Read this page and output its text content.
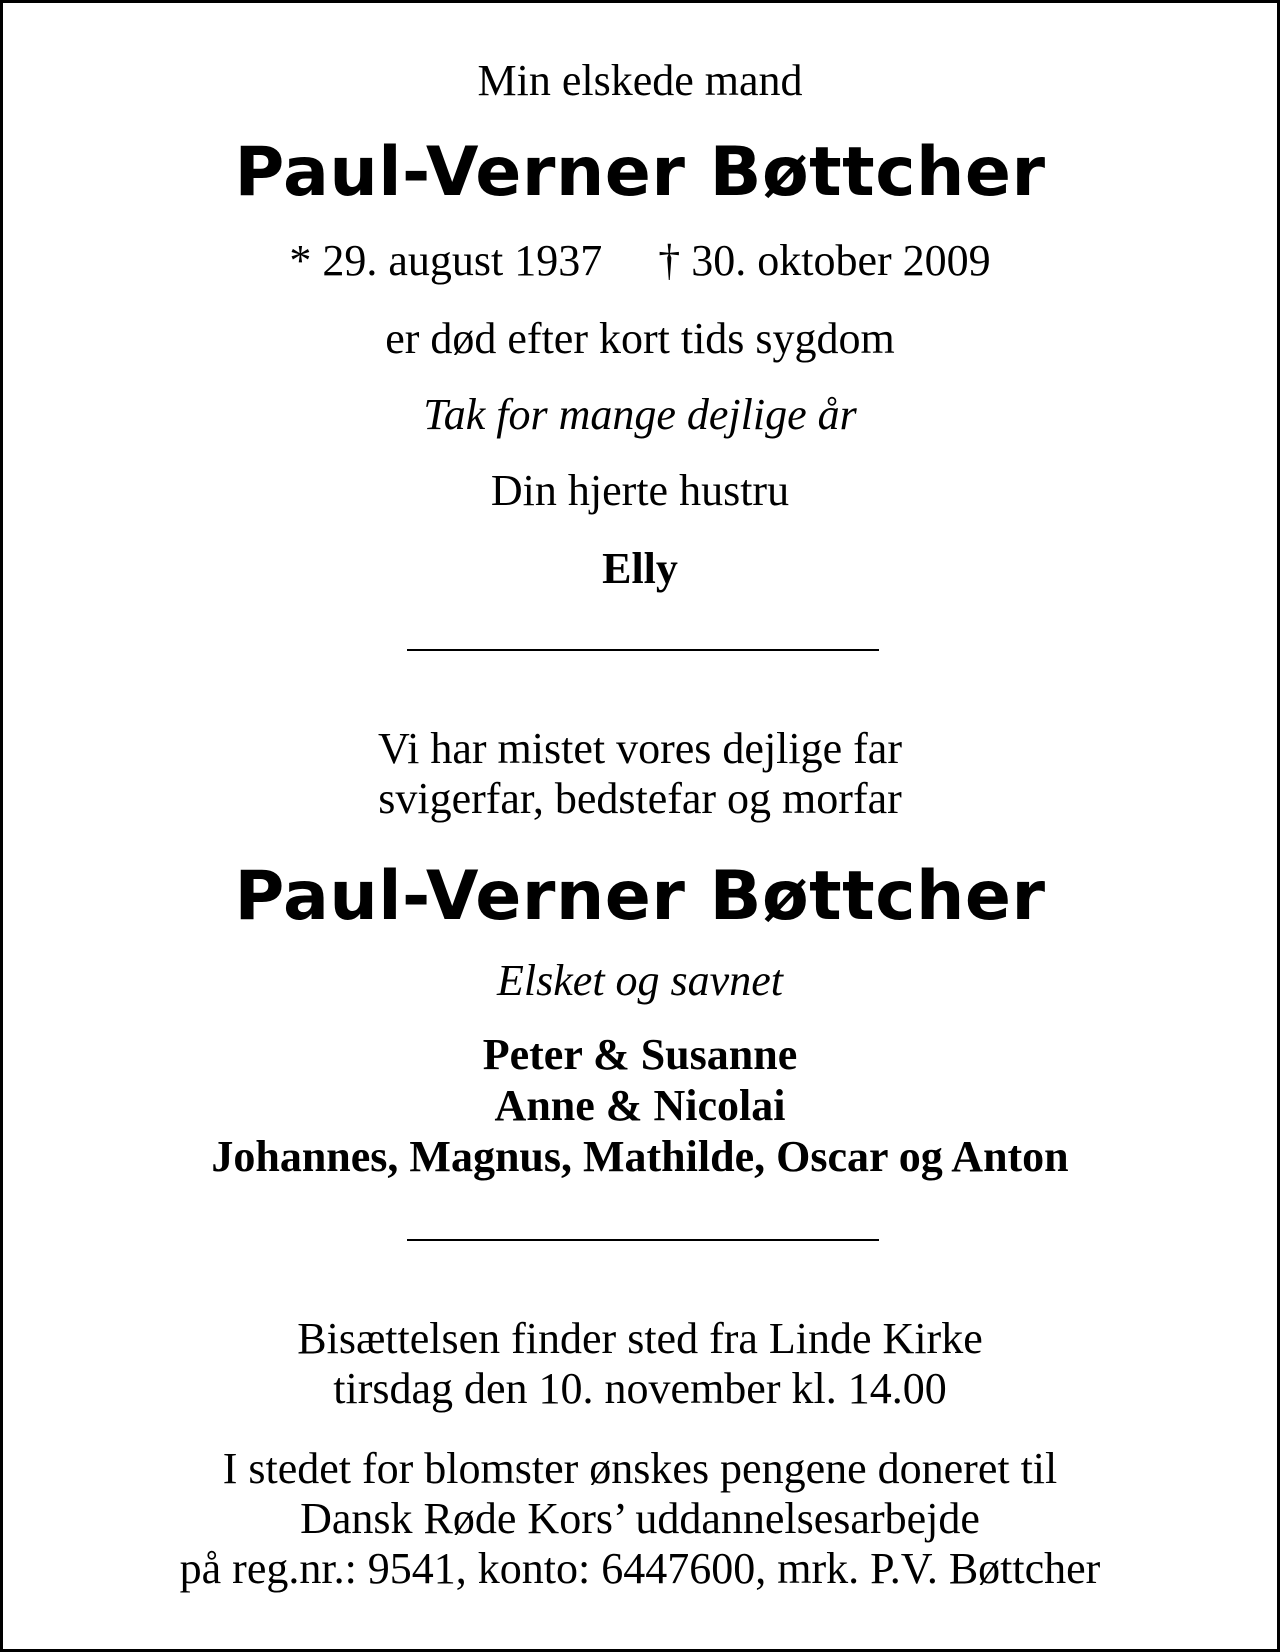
Min elskede mand
Paul-Verner Bøttcher
* 29. august 1937 † 30. oktober 2009
er død efter kort tids sygdom
Tak for mange dejlige år
Din hjerte hustru
Elly
Vi har mistet vores dejlige far
svigerfar, bedstefar og morfar
Paul-Verner Bøttcher
Elsket og savnet
Peter & Susanne
Anne & Nicolai
Johannes, Magnus, Mathilde, Oscar og Anton
Bisættelsen finder sted fra Linde Kirke
tirsdag den 10. november kl. 14.00
I stedet for blomster ønskes pengene doneret til
Dansk Røde Kors’ uddannelsesarbejde
på reg.nr.: 9541, konto: 6447600, mrk. P.V. Bøttcher
